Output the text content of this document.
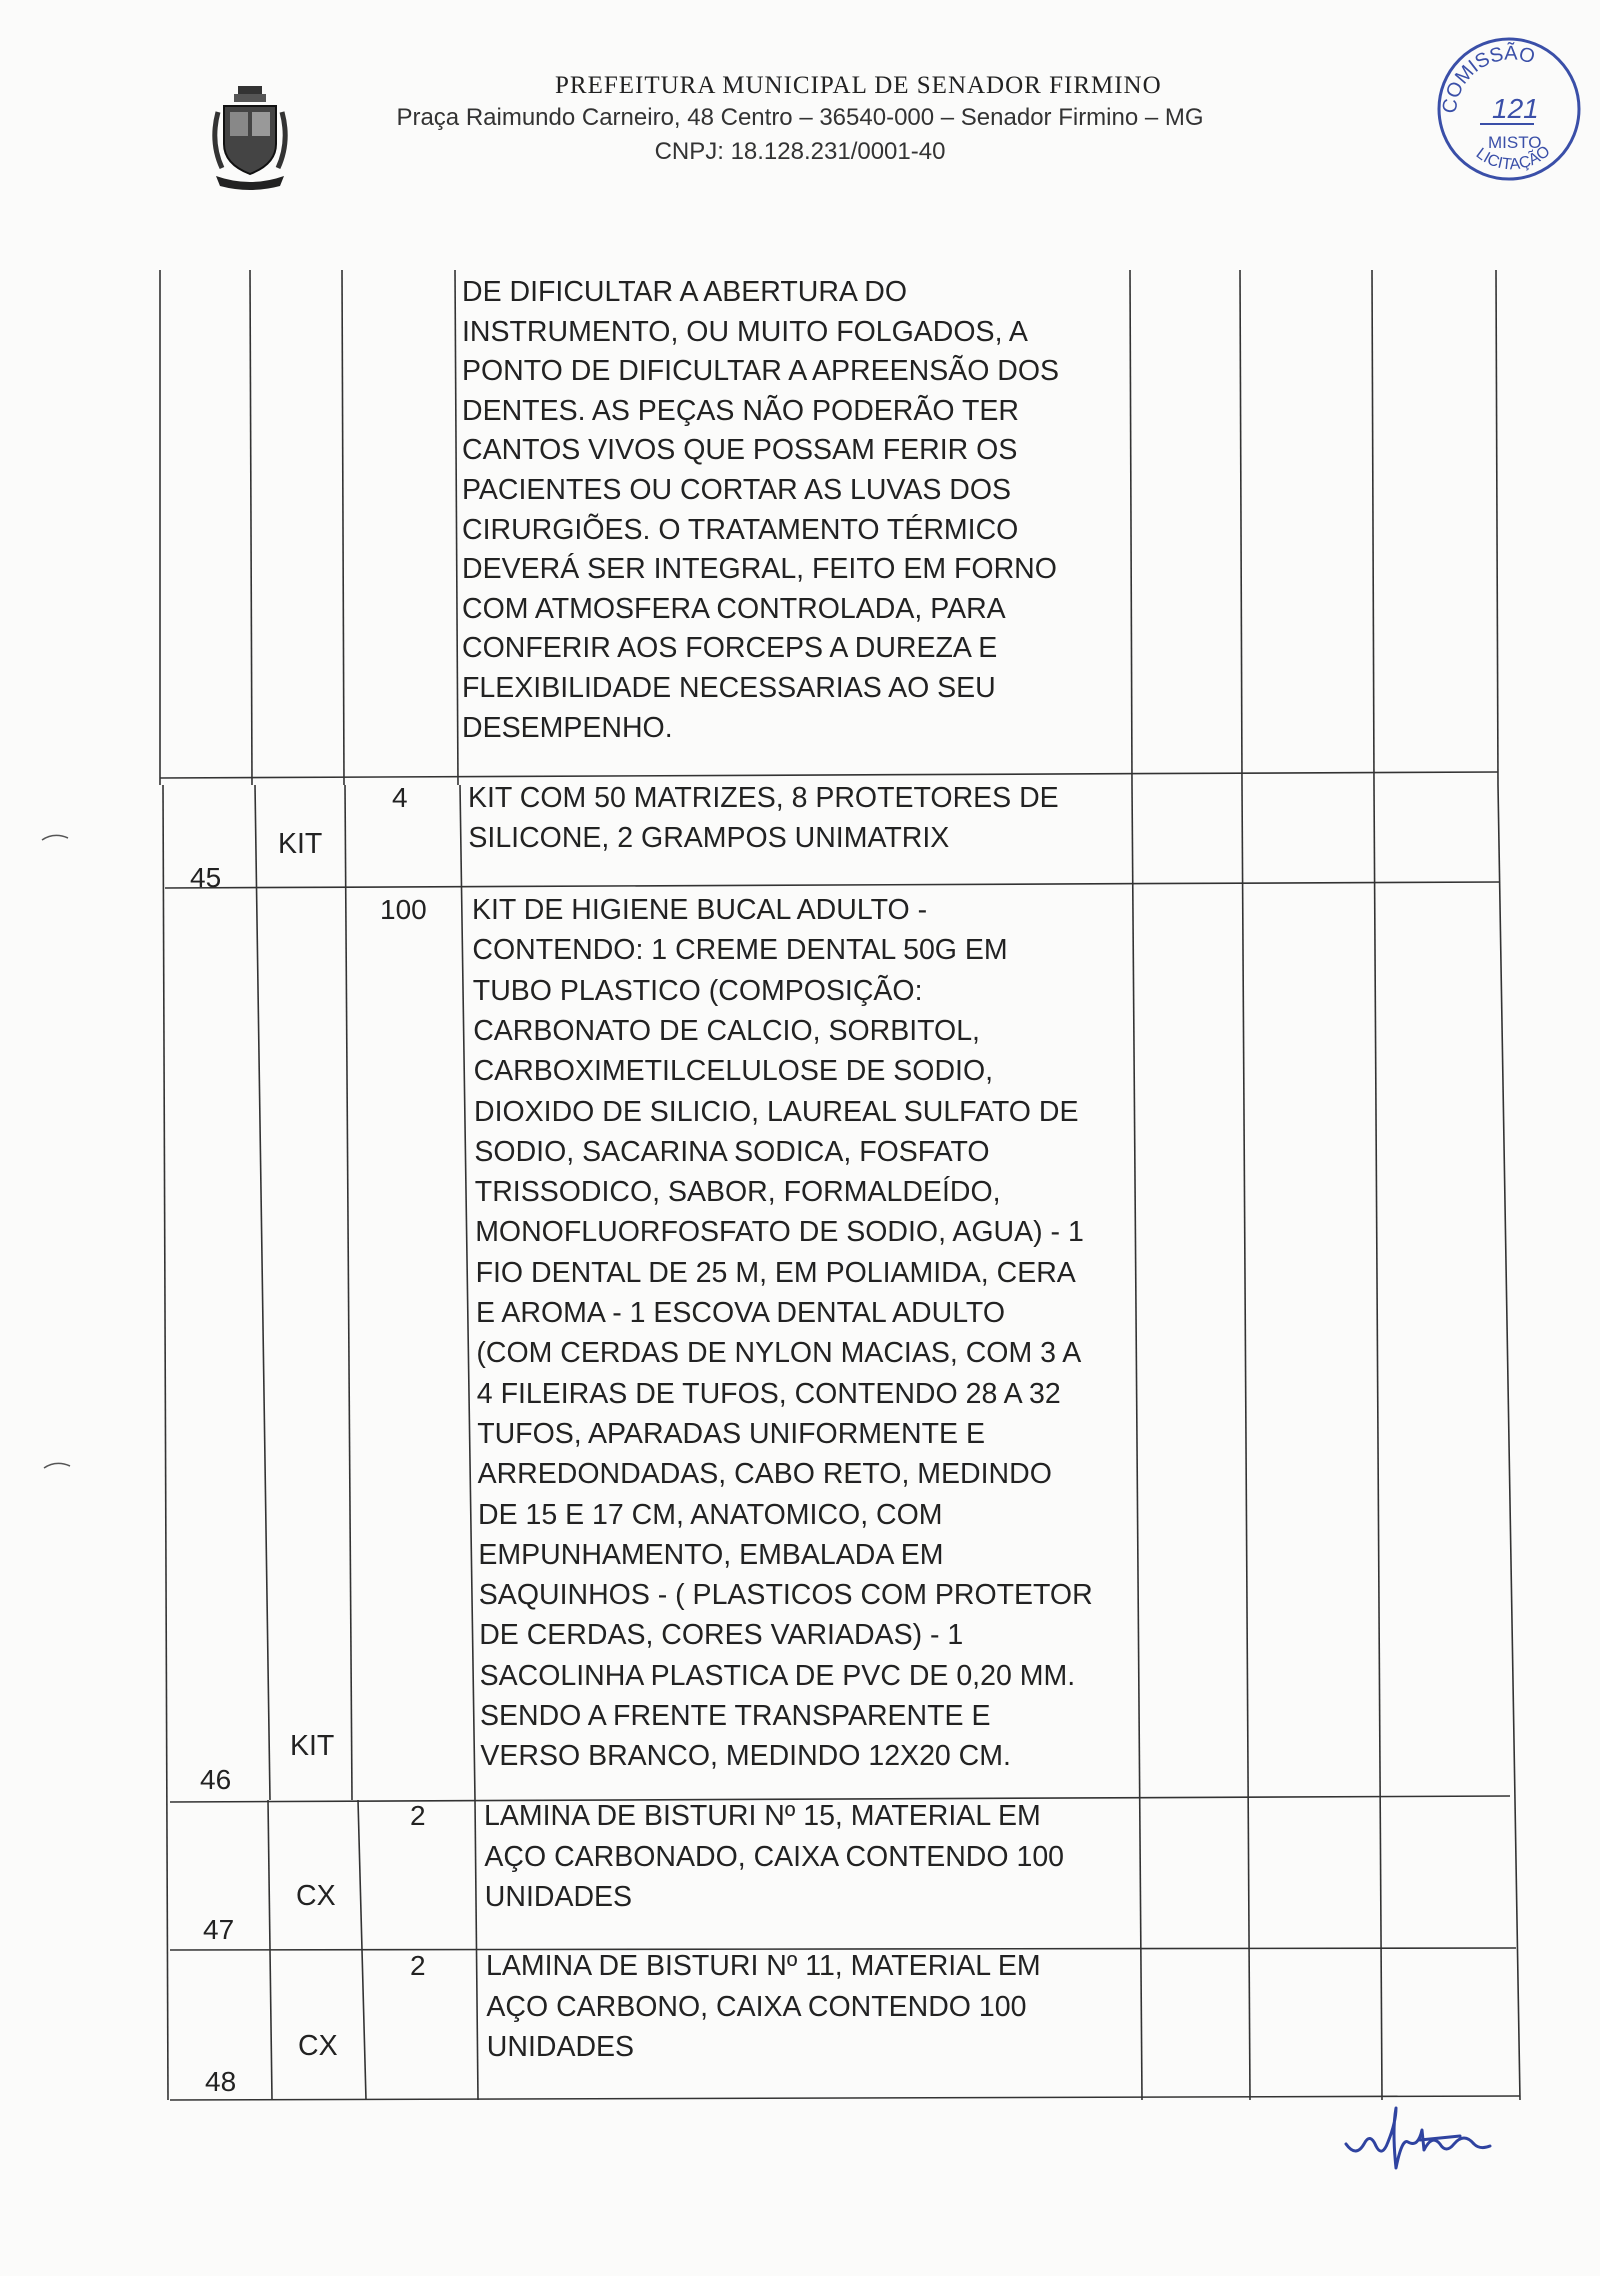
PREFEITURA MUNICIPAL DE SENADOR FIRMINO
Praça Raimundo Carneiro, 48 Centro – 36540-000 – Senador Firmino – MG
CNPJ: 18.128.231/0001-40
COMISSÃO
121
MISTO
LICITAÇÃO
DE DIFICULTAR A ABERTURA DO
INSTRUMENTO, OU MUITO FOLGADOS, A
PONTO DE DIFICULTAR A APREENSÃO DOS
DENTES. AS PEÇAS NÃO PODERÃO TER
CANTOS VIVOS QUE POSSAM FERIR OS
PACIENTES OU CORTAR AS LUVAS DOS
CIRURGIÕES. O TRATAMENTO TÉRMICO
DEVERÁ SER INTEGRAL, FEITO EM FORNO
COM ATMOSFERA CONTROLADA, PARA
CONFERIR AOS FORCEPS A DUREZA E
FLEXIBILIDADE NECESSARIAS AO SEU
DESEMPENHO.
45
KIT
4 KIT COM 50 MATRIZES, 8 PROTETORES DE
SILICONE, 2 GRAMPOS UNIMATRIX
46
KIT
100 KIT DE HIGIENE BUCAL ADULTO -
CONTENDO: 1 CREME DENTAL 50G EM
TUBO PLASTICO (COMPOSIÇÃO:
CARBONATO DE CALCIO, SORBITOL,
CARBOXIMETILCELULOSE DE SODIO,
DIOXIDO DE SILICIO, LAUREAL SULFATO DE
SODIO, SACARINA SODICA, FOSFATO
TRISSODICO, SABOR, FORMALDEÍDO,
MONOFLUORFOSFATO DE SODIO, AGUA) - 1
FIO DENTAL DE 25 M, EM POLIAMIDA, CERA
E AROMA - 1 ESCOVA DENTAL ADULTO
(COM CERDAS DE NYLON MACIAS, COM 3 A
4 FILEIRAS DE TUFOS, CONTENDO 28 A 32
TUFOS, APARADAS UNIFORMENTE E
ARREDONDADAS, CABO RETO, MEDINDO
DE 15 E 17 CM, ANATOMICO, COM
EMPUNHAMENTO, EMBALADA EM
SAQUINHOS - ( PLASTICOS COM PROTETOR
DE CERDAS, CORES VARIADAS) - 1
SACOLINHA PLASTICA DE PVC DE 0,20 MM.
SENDO A FRENTE TRANSPARENTE E
VERSO BRANCO, MEDINDO 12X20 CM.
47
CX
2 LAMINA DE BISTURI Nº 15, MATERIAL EM
AÇO CARBONADO, CAIXA CONTENDO 100
UNIDADES
48
CX
2 LAMINA DE BISTURI Nº 11, MATERIAL EM
AÇO CARBONO, CAIXA CONTENDO 100
UNIDADES
